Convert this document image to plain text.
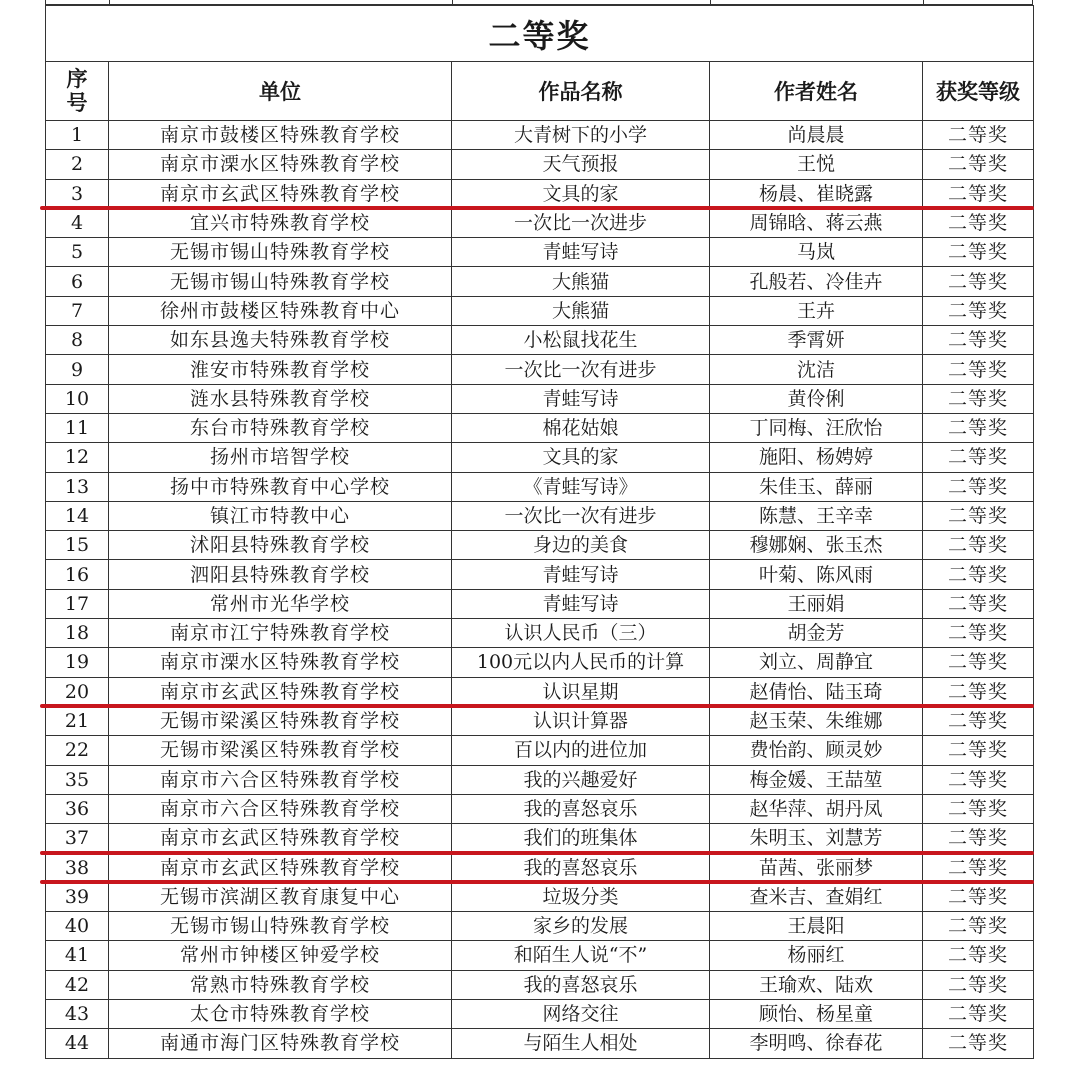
二等奖				
序
号	单位	作品名称	作者姓名	获奖等级
1	南京市鼓楼区特殊教育学校	大青树下的小学	尚晨晨	二等奖
2	南京市溧水区特殊教育学校	天气预报	王悦	二等奖
3	南京市玄武区特殊教育学校	文具的家	杨晨、崔晓露	二等奖
4	宜兴市特殊教育学校	一次比一次进步	周锦晗、蒋云燕	二等奖
5	无锡市锡山特殊教育学校	青蛙写诗	马岚	二等奖
6	无锡市锡山特殊教育学校	大熊猫	孔般若、冷佳卉	二等奖
7	徐州市鼓楼区特殊教育中心	大熊猫	王卉	二等奖
8	如东县逸夫特殊教育学校	小松鼠找花生	季霄妍	二等奖
9	淮安市特殊教育学校	一次比一次有进步	沈洁	二等奖
10	涟水县特殊教育学校	青蛙写诗	黄伶俐	二等奖
11	东台市特殊教育学校	棉花姑娘	丁同梅、汪欣怡	二等奖
12	扬州市培智学校	文具的家	施阳、杨娉婷	二等奖
13	扬中市特殊教育中心学校	《青蛙写诗》	朱佳玉、薛丽	二等奖
14	镇江市特教中心	一次比一次有进步	陈慧、王辛幸	二等奖
15	沭阳县特殊教育学校	身边的美食	穆娜娴、张玉杰	二等奖
16	泗阳县特殊教育学校	青蛙写诗	叶菊、陈风雨	二等奖
17	常州市光华学校	青蛙写诗	王丽娟	二等奖
18	南京市江宁特殊教育学校	认识人民币（三）	胡金芳	二等奖
19	南京市溧水区特殊教育学校	100元以内人民币的计算	刘立、周静宜	二等奖
20	南京市玄武区特殊教育学校	认识星期	赵倩怡、陆玉琦	二等奖
21	无锡市梁溪区特殊教育学校	认识计算器	赵玉荣、朱维娜	二等奖
22	无锡市梁溪区特殊教育学校	百以内的进位加	费怡韵、顾灵妙	二等奖
35	南京市六合区特殊教育学校	我的兴趣爱好	梅金媛、王喆堃	二等奖
36	南京市六合区特殊教育学校	我的喜怒哀乐	赵华萍、胡丹凤	二等奖
37	南京市玄武区特殊教育学校	我们的班集体	朱明玉、刘慧芳	二等奖
38	南京市玄武区特殊教育学校	我的喜怒哀乐	苗茜、张丽梦	二等奖
39	无锡市滨湖区教育康复中心	垃圾分类	查米吉、查娟红	二等奖
40	无锡市锡山特殊教育学校	家乡的发展	王晨阳	二等奖
41	常州市钟楼区钟爱学校	和陌生人说“不”	杨丽红	二等奖
42	常熟市特殊教育学校	我的喜怒哀乐	王瑜欢、陆欢	二等奖
43	太仓市特殊教育学校	网络交往	顾怡、杨星童	二等奖
44	南通市海门区特殊教育学校	与陌生人相处	李明鸣、徐春花	二等奖
